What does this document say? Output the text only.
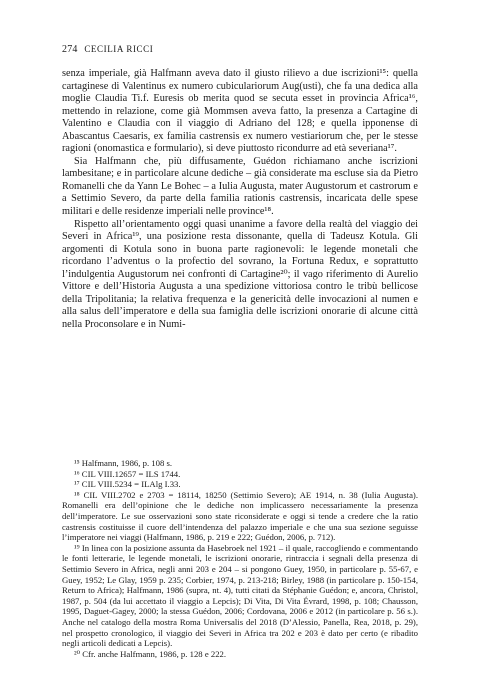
274 CECILIA RICCI

senza imperiale, già Halfmann aveva dato il giusto rilievo a due iscrizioni¹⁵: quella cartaginese di Valentinus ex numero cubiculariorum Aug(usti), che fa una dedica alla moglie Claudia Ti.f. Euresis ob merita quod se secuta esset in provincia Africa¹⁶, mettendo in relazione, come già Mommsen aveva fatto, la presenza a Cartagine di Valentino e Claudia con il viaggio di Adriano del 128; e quella ipponense di Abascantus Caesaris, ex familia castrensis ex numero vestiariorum che, per le stesse ragioni (onomastica e formulario), si deve piuttosto ricondurre ad età severiana¹⁷.

Sia Halfmann che, più diffusamente, Guédon richiamano anche iscrizioni lambesitane; e in particolare alcune dediche – già considerate ma escluse sia da Pietro Romanelli che da Yann Le Bohec – a Iulia Augusta, mater Augustorum et castrorum e a Settimio Severo, da parte della familia rationis castrensis, incaricata delle spese militari e delle residenze imperiali nelle province¹⁸.

Rispetto all’orientamento oggi quasi unanime a favore della realtà del viaggio dei Severi in Africa¹⁹, una posizione resta dissonante, quella di Tadeusz Kotula. Gli argomenti di Kotula sono in buona parte ragionevoli: le legende monetali che ricordano l’adventus o la profectio del sovrano, la Fortuna Redux, e soprattutto l’indulgentia Augustorum nei confronti di Cartagine²⁰; il vago riferimento di Aurelio Vittore e dell’Historia Augusta a una spedizione vittoriosa contro le tribù bellicose della Tripolitania; la relativa frequenza e la genericità delle invocazioni al numen e alla salus dell’imperatore e della sua famiglia delle iscrizioni onorarie di alcune città nella Proconsolare e in Numi-

¹⁵ Halfmann, 1986, p. 108 s.

¹⁶ CIL VIII.12657 = ILS 1744.

¹⁷ CIL VIII.5234 = ILAlg I.33.

¹⁸ CIL VIII.2702 e 2703 = 18114, 18250 (Settimio Severo); AE 1914, n. 38 (Iulia Augusta). Romanelli era dell’opinione che le dediche non implicassero necessariamente la presenza dell’imperatore. Le sue osservazioni sono state riconsiderate e oggi si tende a credere che la ratio castrensis costituisse il cuore dell’intendenza del palazzo imperiale e che una sua sezione seguisse l’imperatore nei viaggi (Halfmann, 1986, p. 219 e 222; Guédon, 2006, p. 712).

¹⁹ In linea con la posizione assunta da Hasebroek nel 1921 – il quale, raccogliendo e commentando le fonti letterarie, le legende monetali, le iscrizioni onorarie, rintraccia i segnali della presenza di Settimio Severo in Africa, negli anni 203 e 204 – si pongono Guey, 1950, in particolare p. 55-67, e Guey, 1952; Le Glay, 1959 p. 235; Corbier, 1974, p. 213-218; Birley, 1988 (in particolare p. 150-154, Return to Africa); Halfmann, 1986 (supra, nt. 4), tutti citati da Stéphanie Guédon; e, ancora, Christol, 1987, p. 504 (da lui accettato il viaggio a Lepcis); Di Vita, Di Vita Évrard, 1998, p. 108; Chausson, 1995, Daguet-Gagey, 2000; la stessa Guédon, 2006; Cordovana, 2006 e 2012 (in particolare p. 56 s.). Anche nel catalogo della mostra Roma Universalis del 2018 (D’Alessio, Panella, Rea, 2018, p. 29), nel prospetto cronologico, il viaggio dei Severi in Africa tra 202 e 203 è dato per certo (e ribadito negli articoli dedicati a Lepcis).

²⁰ Cfr. anche Halfmann, 1986, p. 128 e 222.
